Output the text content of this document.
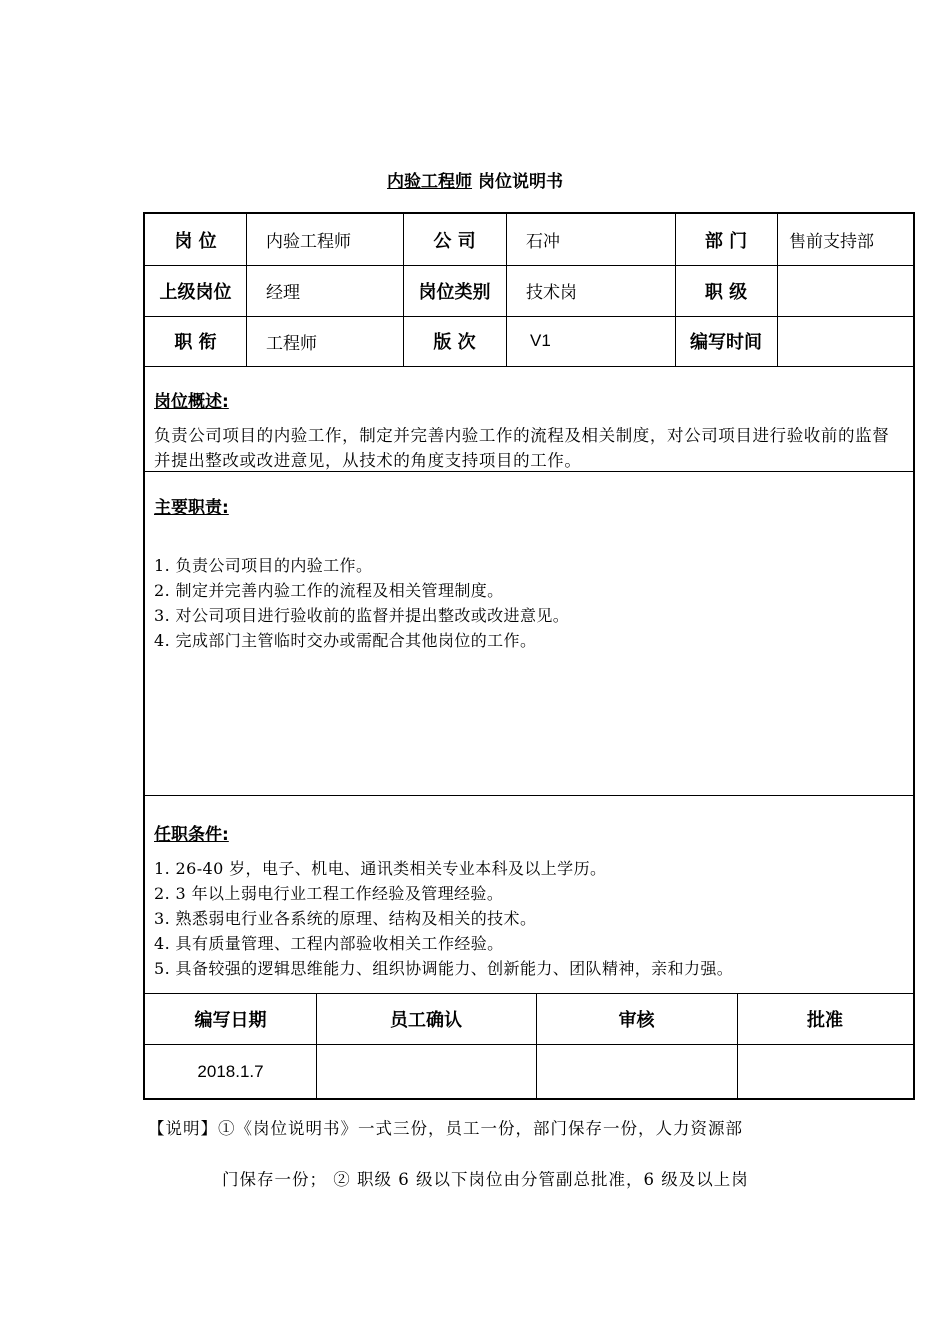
内验工程师 岗位说明书
岗 位	内验工程师	公 司	石冲	部 门	售前支持部
上级岗位	经理	岗位类别	技术岗	职 级
职 衔	工程师	版 次	V1	编写时间
岗位概述:
负责公司项目的内验工作，制定并完善内验工作的流程及相关制度，对公司项目进行验收前的监督并提出整改或改进意见，从技术的角度支持项目的工作。
主要职责:
1. 负责公司项目的内验工作。
2. 制定并完善内验工作的流程及相关管理制度。
3. 对公司项目进行验收前的监督并提出整改或改进意见。
4. 完成部门主管临时交办或需配合其他岗位的工作。
任职条件:
1. 26-40 岁，电子、机电、通讯类相关专业本科及以上学历。
2. 3 年以上弱电行业工程工作经验及管理经验。
3. 熟悉弱电行业各系统的原理、结构及相关的技术。
4. 具有质量管理、工程内部验收相关工作经验。
5. 具备较强的逻辑思维能力、组织协调能力、创新能力、团队精神，亲和力强。
编写日期	员工确认	审核	批准
2018.1.7
【说明】①《岗位说明书》一式三份，员工一份，部门保存一份，人力资源部
门保存一份； ② 职级 6 级以下岗位由分管副总批准，6 级及以上岗
